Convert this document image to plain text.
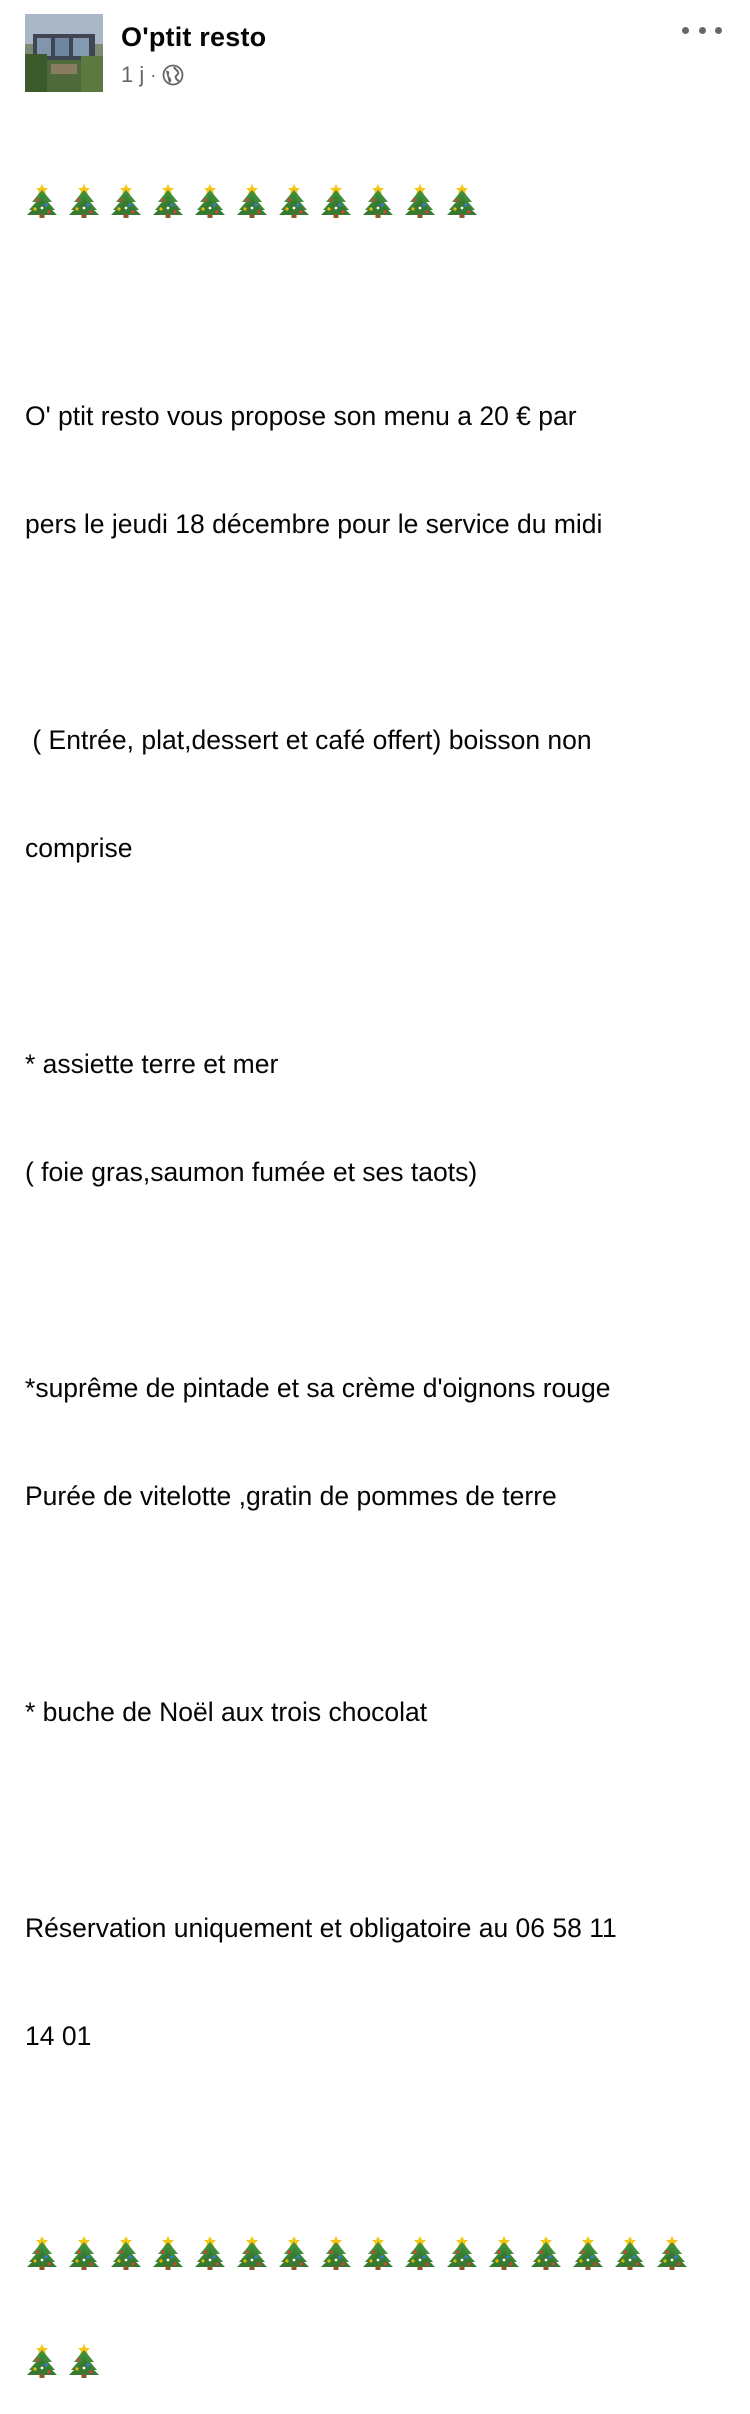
O'ptit resto
1 j ·

O' ptit resto vous propose son menu a 20 € par

pers le jeudi 18 décembre pour le service du midi

( Entrée, plat,dessert et café offert) boisson non

comprise

* assiette terre et mer

( foie gras,saumon fumée et ses taots)

*suprême de pintade et sa crème d'oignons rouge

Purée de vitelotte ,gratin de pommes de terre

* buche de Noël aux trois chocolat

Réservation uniquement et obligatoire au 06 58 11

14 01
